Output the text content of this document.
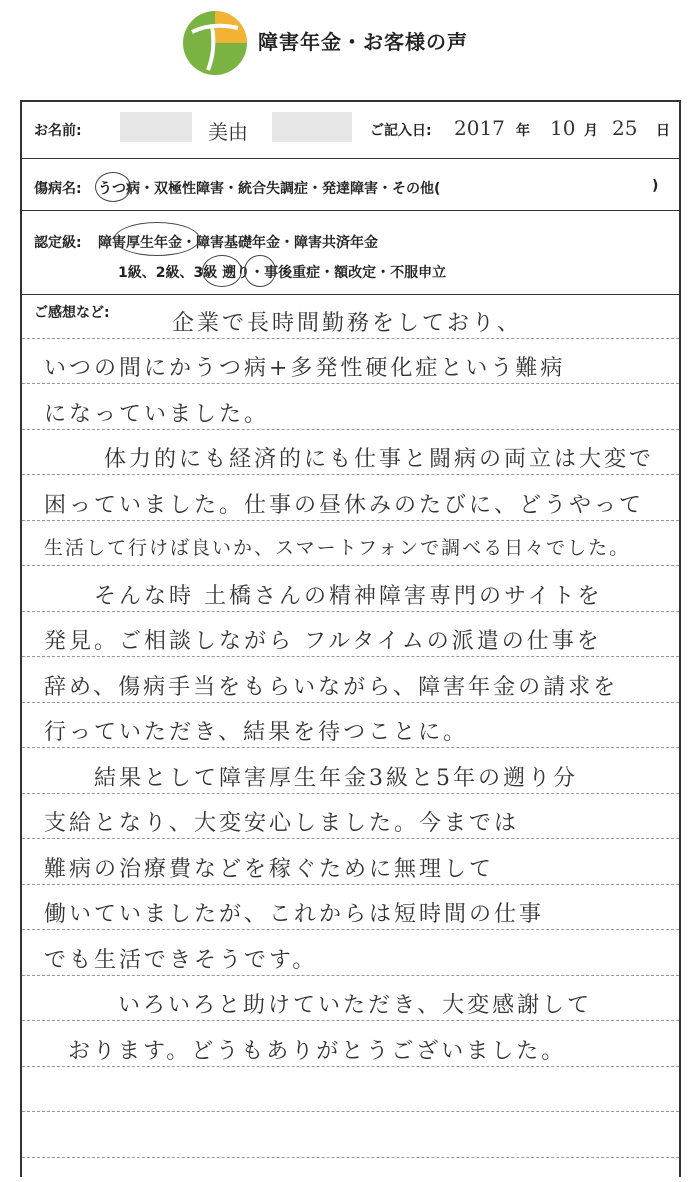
障害年金・お客様の声
お名前:	美由	ご記入日: 2017 年 10 月 25 日
傷病名: うつ病・双極性障害・統合失調症・発達障害・その他(	)
認定級: 障害厚生年金・障害基礎年金・障害共済年金
1級、2級、3級 遡り・事後重症・額改定・不服申立
ご感想など:	企業で長時間勤務をしており、
いつの間にかうつ病+多発性硬化症という難病
になっていました。
体力的にも経済的にも仕事と闘病の両立は大変で
困っていました。仕事の昼休みのたびに、どうやって
生活して行けば良いか、スマートフォンで調べる日々でした。
そんな時 土橋さんの精神障害専門のサイトを
発見。ご相談しながら フルタイムの派遣の仕事を
辞め、傷病手当をもらいながら、障害年金の請求を
行っていただき、結果を待つことに。
結果として障害厚生年金3級と5年の遡り分
支給となり、大変安心しました。今までは
難病の治療費などを稼ぐために無理して
働いていましたが、これからは短時間の仕事
でも生活できそうです。
いろいろと助けていただき、大変感謝して
おります。どうもありがとうございました。
